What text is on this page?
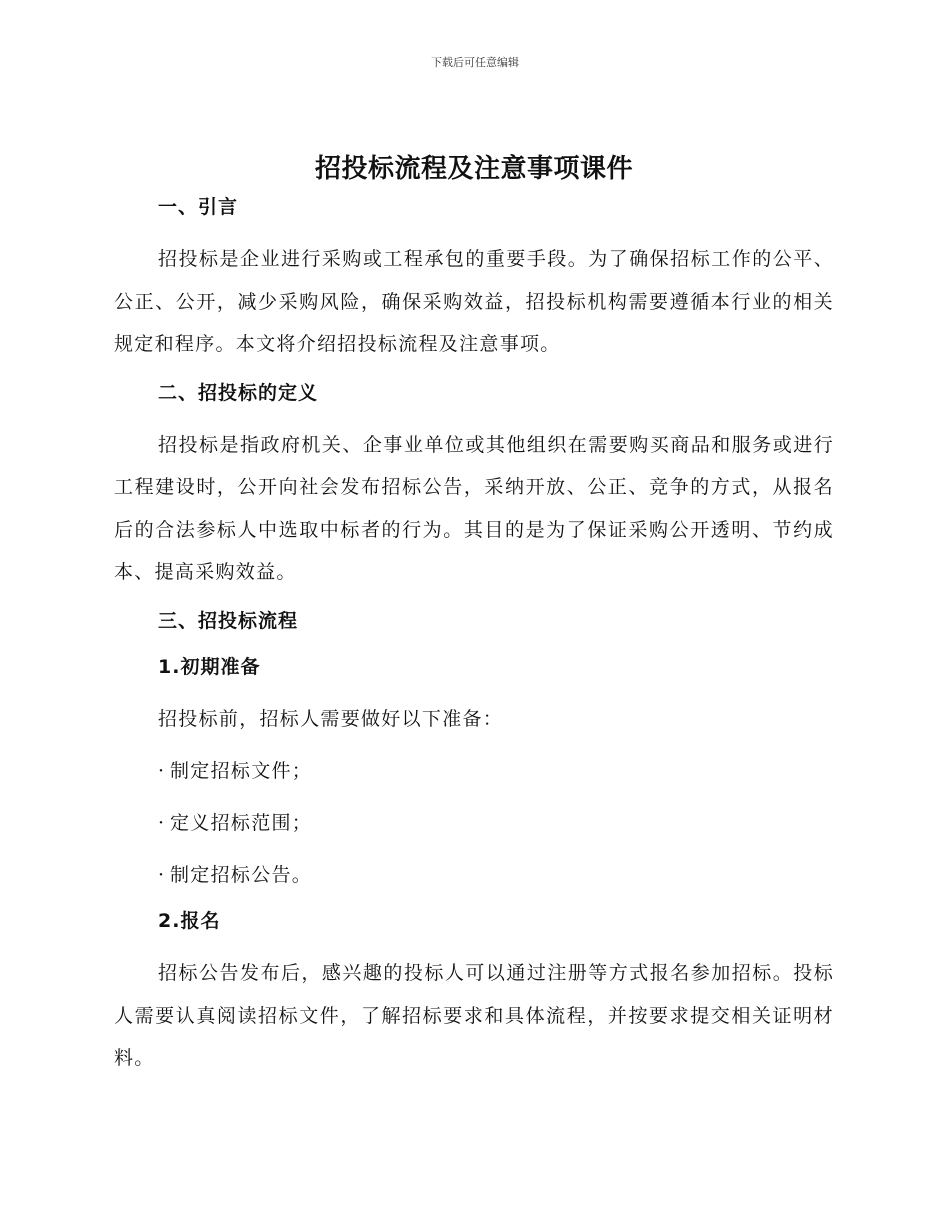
下载后可任意编辑
招投标流程及注意事项课件
一、引言

招投标是企业进行采购或工程承包的重要手段。为了确保招标工作的公平、公正、公开，减少采购风险，确保采购效益，招投标机构需要遵循本行业的相关规定和程序。本文将介绍招投标流程及注意事项。

二、招投标的定义

招投标是指政府机关、企事业单位或其他组织在需要购买商品和服务或进行工程建设时，公开向社会发布招标公告，采纳开放、公正、竞争的方式，从报名后的合法参标人中选取中标者的行为。其目的是为了保证采购公开透明、节约成本、提高采购效益。

三、招投标流程
1.初期准备

招投标前，招标人需要做好以下准备：

· 制定招标文件；
· 定义招标范围；
· 制定招标公告。
2.报名

招标公告发布后，感兴趣的投标人可以通过注册等方式报名参加招标。投标人需要认真阅读招标文件，了解招标要求和具体流程，并按要求提交相关证明材料。
